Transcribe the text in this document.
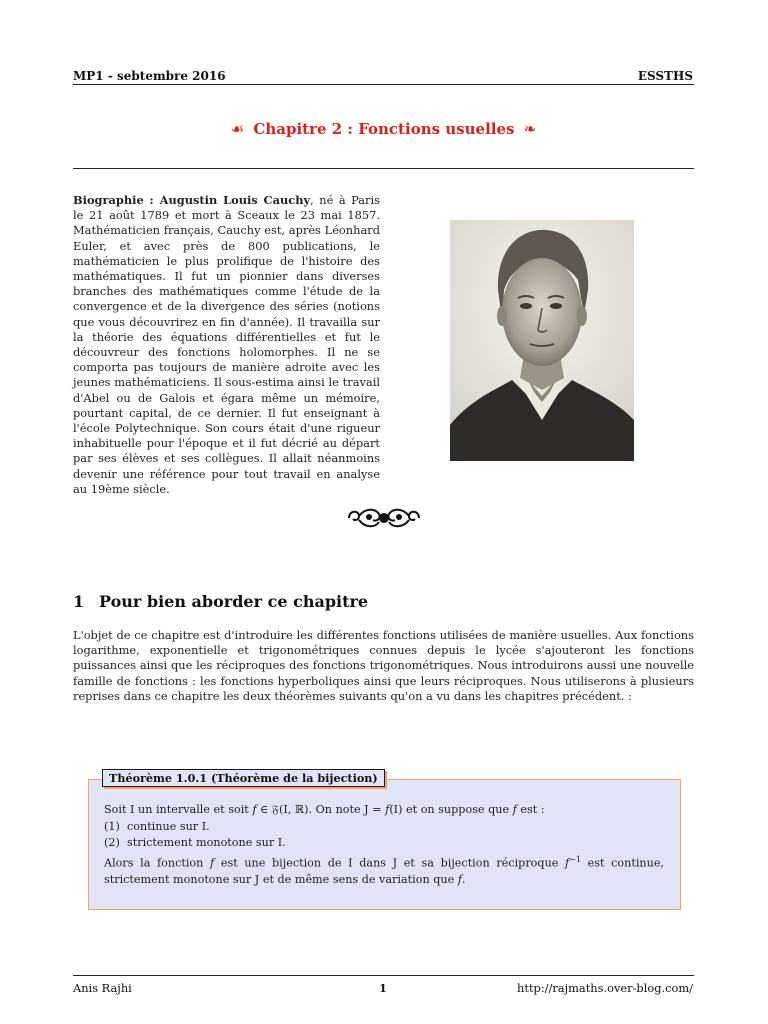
MP1 - sebtembre 2016	ESSTHS
☙ Chapitre 2 : Fonctions usuelles ❧
Biographie : Augustin Louis Cauchy, né à Paris le 21 août 1789 et mort à Sceaux le 23 mai 1857. Mathématicien français, Cauchy est, après Léonhard Euler, et avec près de 800 publications, le mathématicien le plus prolifique de l'histoire des mathématiques. Il fut un pionnier dans diverses branches des mathématiques comme l'étude de la convergence et de la divergence des séries (notions que vous découvrirez en fin d'année). Il travailla sur la théorie des équations différentielles et fut le découvreur des fonctions holomorphes. Il ne se comporta pas toujours de manière adroite avec les jeunes mathématiciens. Il sous-estima ainsi le travail d'Abel ou de Galois et égara même un mémoire, pourtant capital, de ce dernier. Il fut enseignant à l'école Polytechnique. Son cours était d'une rigueur inhabituelle pour l'époque et il fut décrié au départ par ses élèves et ses collègues. Il allait néanmoins devenir une référence pour tout travail en analyse au 19ème siècle.
1 Pour bien aborder ce chapitre
L'objet de ce chapitre est d'introduire les différentes fonctions utilisées de manière usuelles. Aux fonctions logarithme, exponentielle et trigonométriques connues depuis le lycée s'ajouteront les fonctions puissances ainsi que les réciproques des fonctions trigonométriques. Nous introduirons aussi une nouvelle famille de fonctions : les fonctions hyperboliques ainsi que leurs réciproques. Nous utiliserons à plusieurs reprises dans ce chapitre les deux théorèmes suivants qu'on a vu dans les chapitres précédent. :
Théorème 1.0.1 (Théorème de la bijection)

Soit I un intervalle et soit f ∈ 𝔉(I, ℝ). On note J = f(I) et on suppose que f est :

(1) continue sur I.

(2) strictement monotone sur I.

Alors la fonction f est une bijection de I dans J et sa bijection réciproque $f^{-1}$ est continue, strictement monotone sur J et de même sens de variation que f.

Anis Rajhi	1	http://rajmaths.over-blog.com/
